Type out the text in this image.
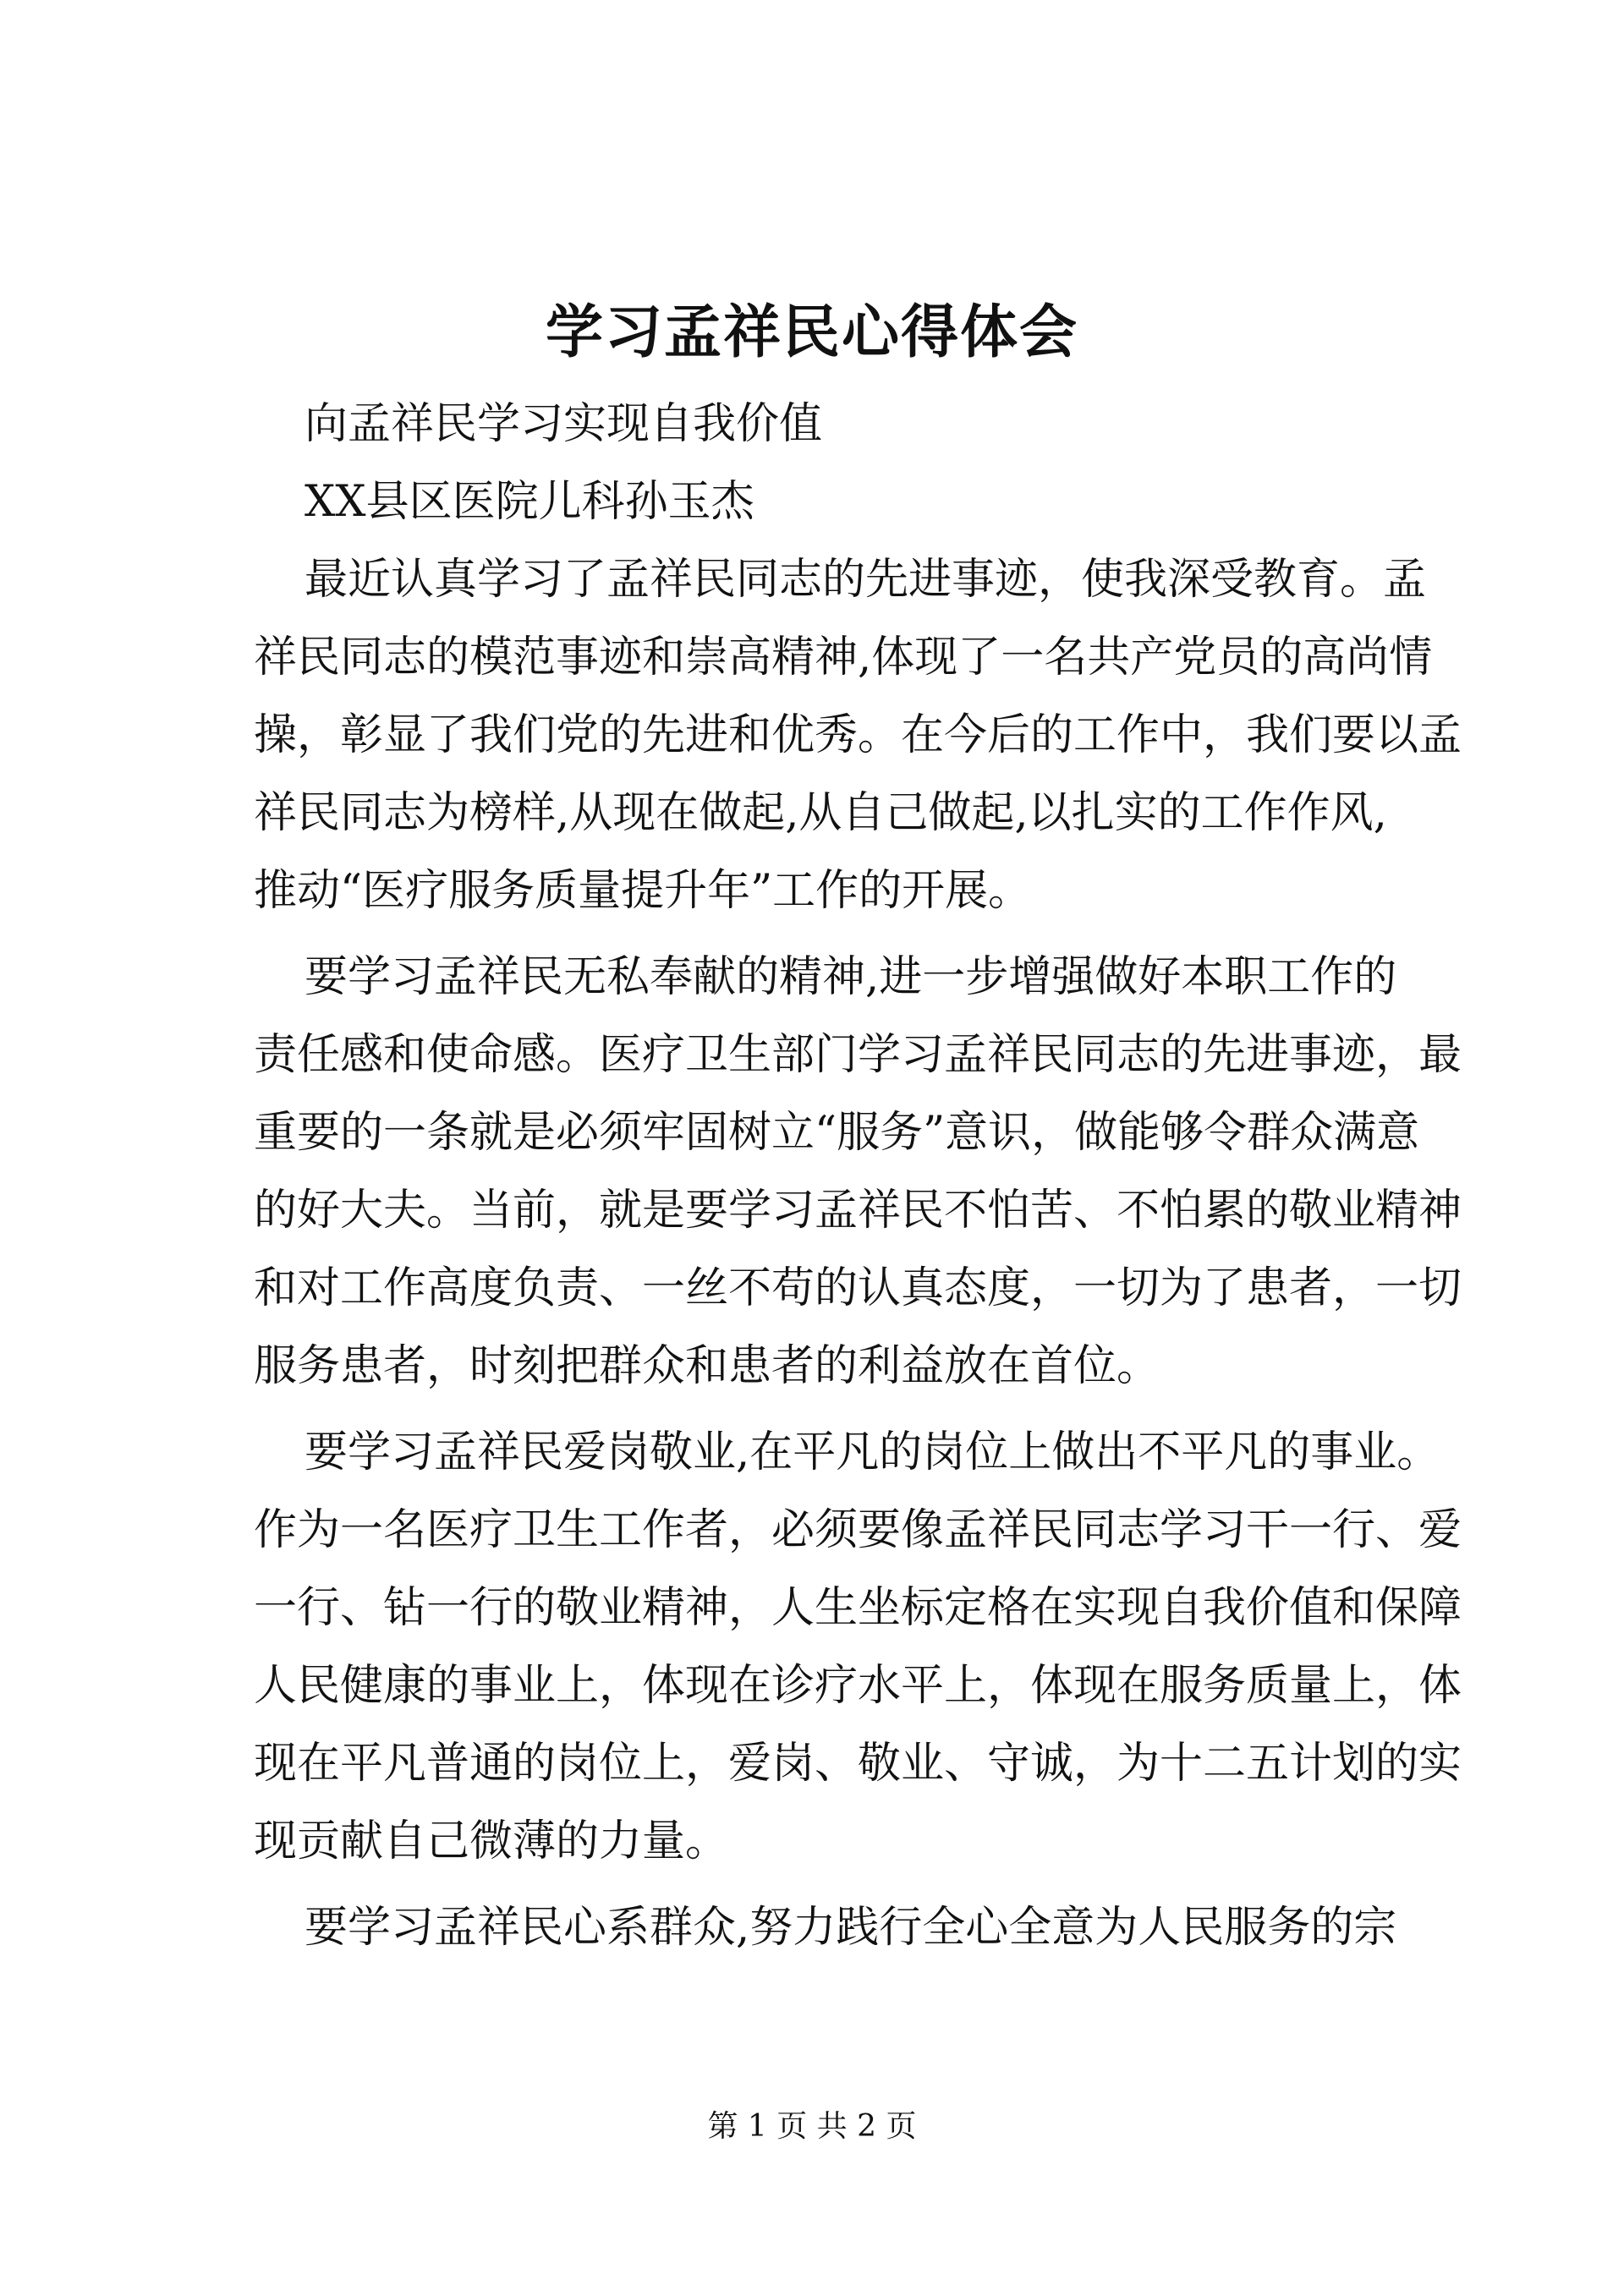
学习孟祥民心得体会

向孟祥民学习实现自我价值

XX县区医院儿科孙玉杰

最近认真学习了孟祥民同志的先进事迹，使我深受教育。孟

祥民同志的模范事迹和崇高精神,体现了一名共产党员的高尚情

操，彰显了我们党的先进和优秀。在今后的工作中，我们要以孟

祥民同志为榜样,从现在做起,从自己做起,以扎实的工作作风,

推动“医疗服务质量提升年”工作的开展。

要学习孟祥民无私奉献的精神,进一步增强做好本职工作的

责任感和使命感。医疗卫生部门学习孟祥民同志的先进事迹，最

重要的一条就是必须牢固树立“服务”意识，做能够令群众满意

的好大夫。当前，就是要学习孟祥民不怕苦、不怕累的敬业精神

和对工作高度负责、一丝不苟的认真态度，一切为了患者，一切

服务患者，时刻把群众和患者的利益放在首位。

要学习孟祥民爱岗敬业,在平凡的岗位上做出不平凡的事业。

作为一名医疗卫生工作者，必须要像孟祥民同志学习干一行、爱

一行、钻一行的敬业精神，人生坐标定格在实现自我价值和保障

人民健康的事业上，体现在诊疗水平上，体现在服务质量上，体

现在平凡普通的岗位上，爱岗、敬业、守诚，为十二五计划的实

现贡献自己微薄的力量。

要学习孟祥民心系群众,努力践行全心全意为人民服务的宗

第 1 页 共 2 页
